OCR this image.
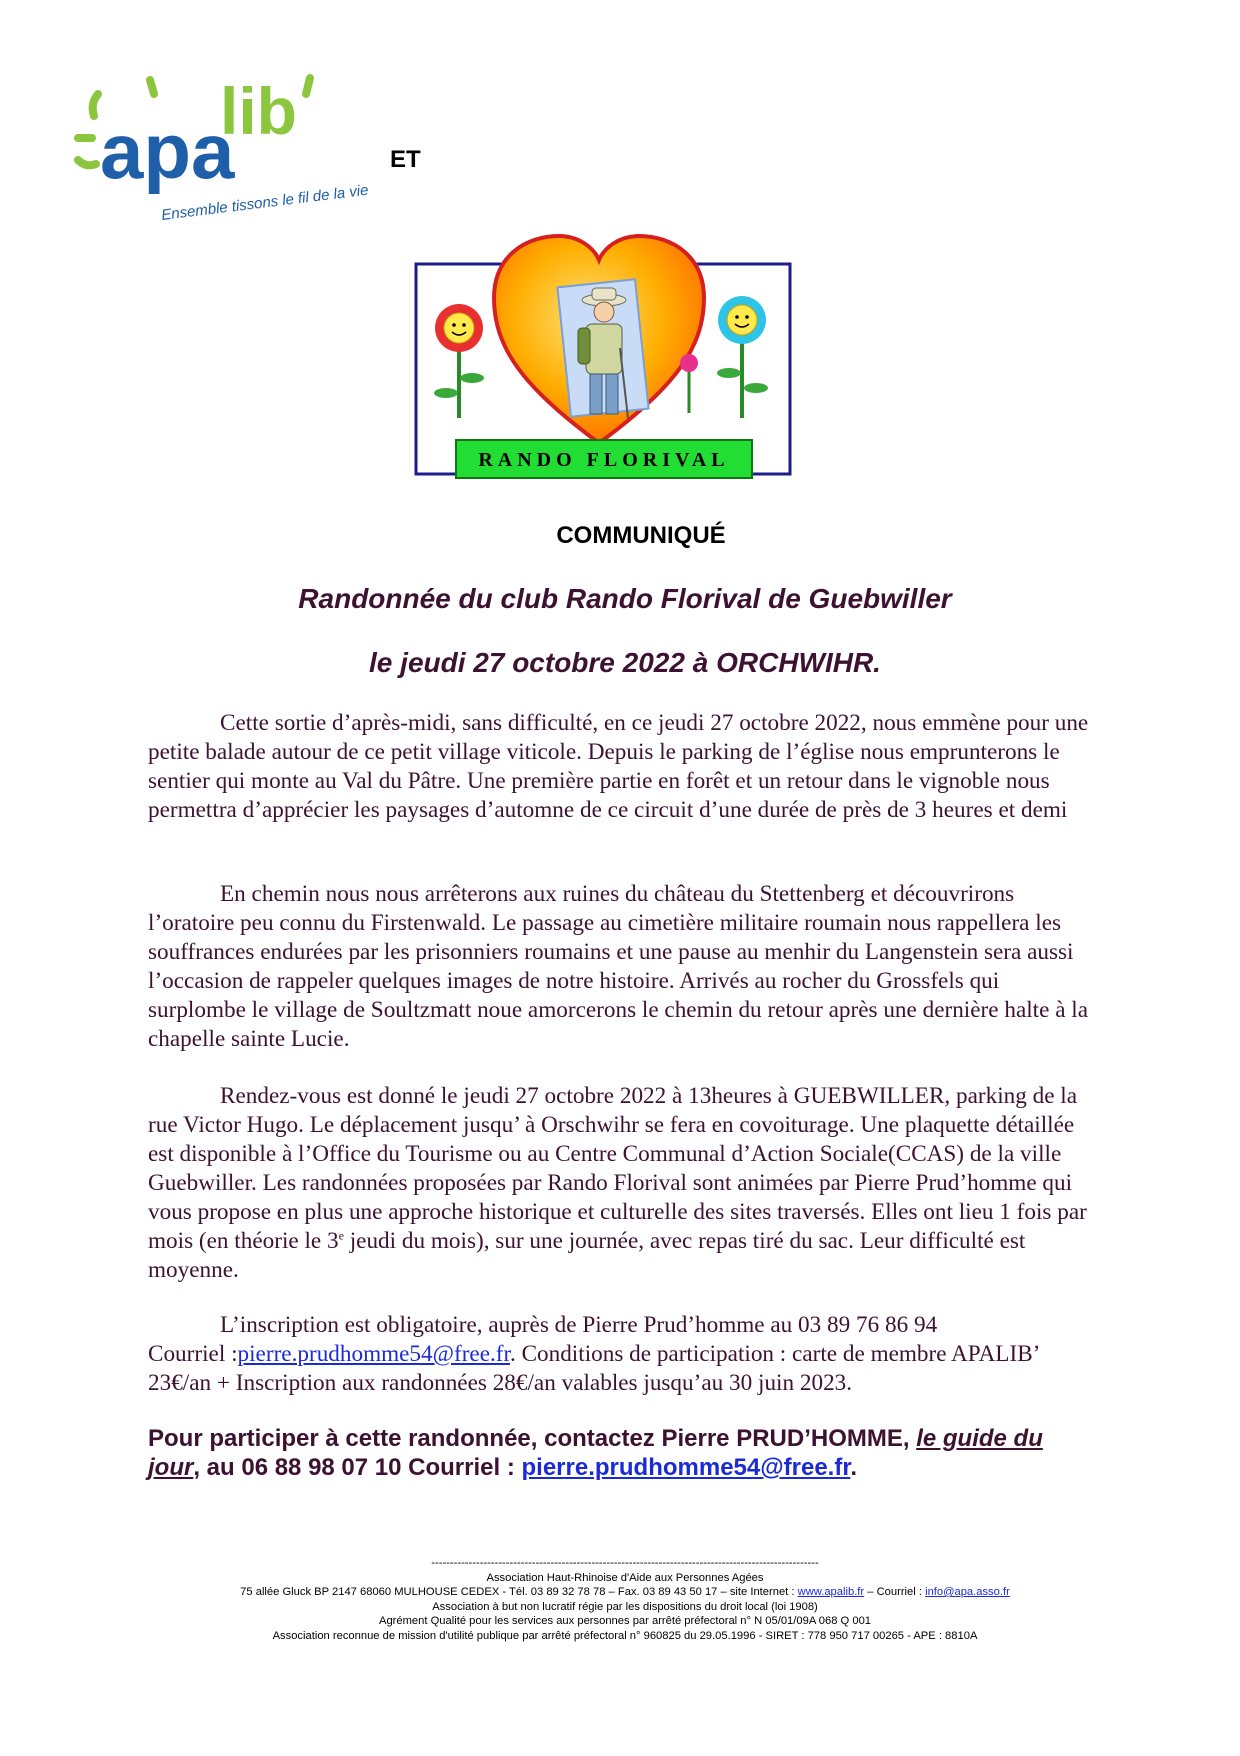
lib
apa
Ensemble tissons le fil de la vie
ET
RANDO FLORIVAL
COMMUNIQUÉ
Randonnée du club Rando Florival de Guebwiller
le jeudi 27 octobre 2022 à ORCHWIHR.
Cette sortie d’après-midi, sans difficulté, en ce jeudi 27 octobre 2022, nous emmène pour une petite balade autour de ce petit village viticole. Depuis le parking de l’église nous emprunterons le sentier qui monte au Val du Pâtre. Une première partie en forêt et un retour dans le vignoble nous permettra d’apprécier les paysages d’automne de ce circuit d’une durée de près de 3 heures et demi
En chemin nous nous arrêterons aux ruines du château du Stettenberg et découvrirons l’oratoire peu connu du Firstenwald. Le passage au cimetière militaire roumain nous rappellera les souffrances endurées par les prisonniers roumains et une pause au menhir du Langenstein sera aussi l’occasion de rappeler quelques images de notre histoire. Arrivés au rocher du Grossfels qui surplombe le village de Soultzmatt noue amorcerons le chemin du retour après une dernière halte à la chapelle sainte Lucie.
Rendez-vous est donné le jeudi 27 octobre 2022 à 13heures à GUEBWILLER, parking de la rue Victor Hugo. Le déplacement jusqu’ à Orschwihr se fera en covoiturage. Une plaquette détaillée est disponible à l’Office du Tourisme ou au Centre Communal d’Action Sociale(CCAS) de la ville Guebwiller. Les randonnées proposées par Rando Florival sont animées par Pierre Prud’homme qui vous propose en plus une approche historique et culturelle des sites traversés. Elles ont lieu 1 fois par mois (en théorie le 3e jeudi du mois), sur une journée, avec repas tiré du sac. Leur difficulté est moyenne.
L’inscription est obligatoire, auprès de Pierre Prud’homme au 03 89 76 86 94
Courriel :pierre.prudhomme54@free.fr. Conditions de participation : carte de membre APALIB’ 23€/an + Inscription aux randonnées 28€/an valables jusqu’au 30 juin 2023.
Pour participer à cette randonnée, contactez Pierre PRUD’HOMME, le guide du jour, au 06 88 98 07 10 Courriel : pierre.prudhomme54@free.fr.
--------------------------------------------------------------------------------------------------------
Association Haut-Rhinoise d'Aide aux Personnes Agées
75 allée Gluck BP 2147 68060 MULHOUSE CEDEX - Tél. 03 89 32 78 78 – Fax. 03 89 43 50 17 – site Internet : www.apalib.fr – Courriel : info@apa.asso.fr
Association à but non lucratif régie par les dispositions du droit local (loi 1908)
Agrément Qualité pour les services aux personnes par arrêté préfectoral n° N 05/01/09A 068 Q 001
Association reconnue de mission d'utilité publique par arrêté préfectoral n° 960825 du 29.05.1996 - SIRET : 778 950 717 00265 - APE : 8810A
